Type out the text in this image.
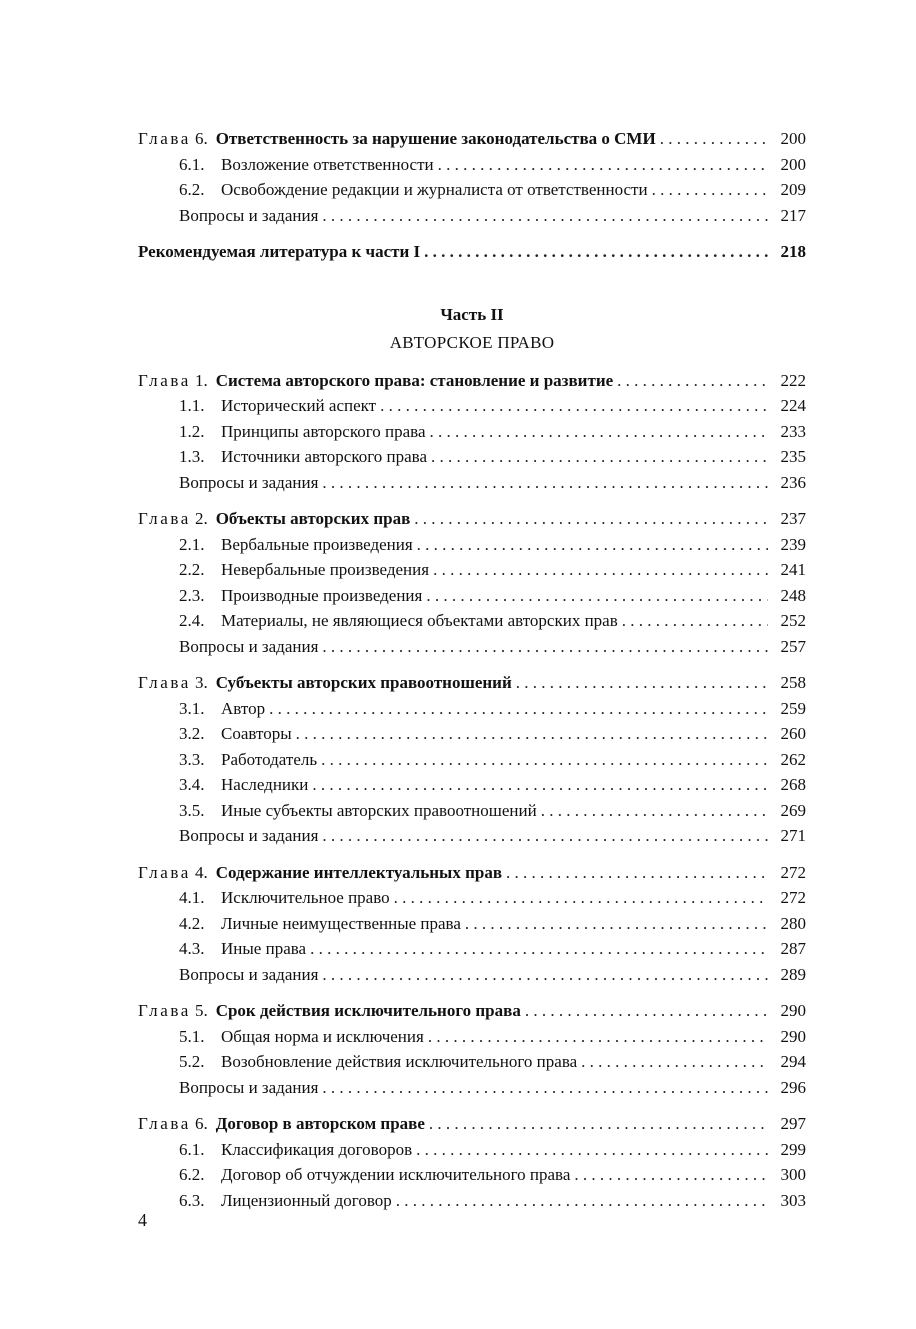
Глава 6. Ответственность за нарушение законодательства о СМИ . . .	200
6.1. Возложение ответственности . . .	200
6.2. Освобождение редакции и журналиста от ответственности . . .	209
Вопросы и задания . . .	217
Рекомендуемая литература к части I . . .	218
Часть II
АВТОРСКОЕ ПРАВО
Глава 1. Система авторского права: становление и развитие . . .	222
1.1. Исторический аспект . . .	224
1.2. Принципы авторского права . . .	233
1.3. Источники авторского права . . .	235
Вопросы и задания . . .	236
Глава 2. Объекты авторских прав . . .	237
2.1. Вербальные произведения . . .	239
2.2. Невербальные произведения . . .	241
2.3. Производные произведения . . .	248
2.4. Материалы, не являющиеся объектами авторских прав . . .	252
Вопросы и задания . . .	257
Глава 3. Субъекты авторских правоотношений . . .	258
3.1. Автор . . .	259
3.2. Соавторы . . .	260
3.3. Работодатель . . .	262
3.4. Наследники . . .	268
3.5. Иные субъекты авторских правоотношений . . .	269
Вопросы и задания . . .	271
Глава 4. Содержание интеллектуальных прав . . .	272
4.1. Исключительное право . . .	272
4.2. Личные неимущественные права . . .	280
4.3. Иные права . . .	287
Вопросы и задания . . .	289
Глава 5. Срок действия исключительного права . . .	290
5.1. Общая норма и исключения . . .	290
5.2. Возобновление действия исключительного права . . .	294
Вопросы и задания . . .	296
Глава 6. Договор в авторском праве . . .	297
6.1. Классификация договоров . . .	299
6.2. Договор об отчуждении исключительного права . . .	300
6.3. Лицензионный договор . . .	303
4
